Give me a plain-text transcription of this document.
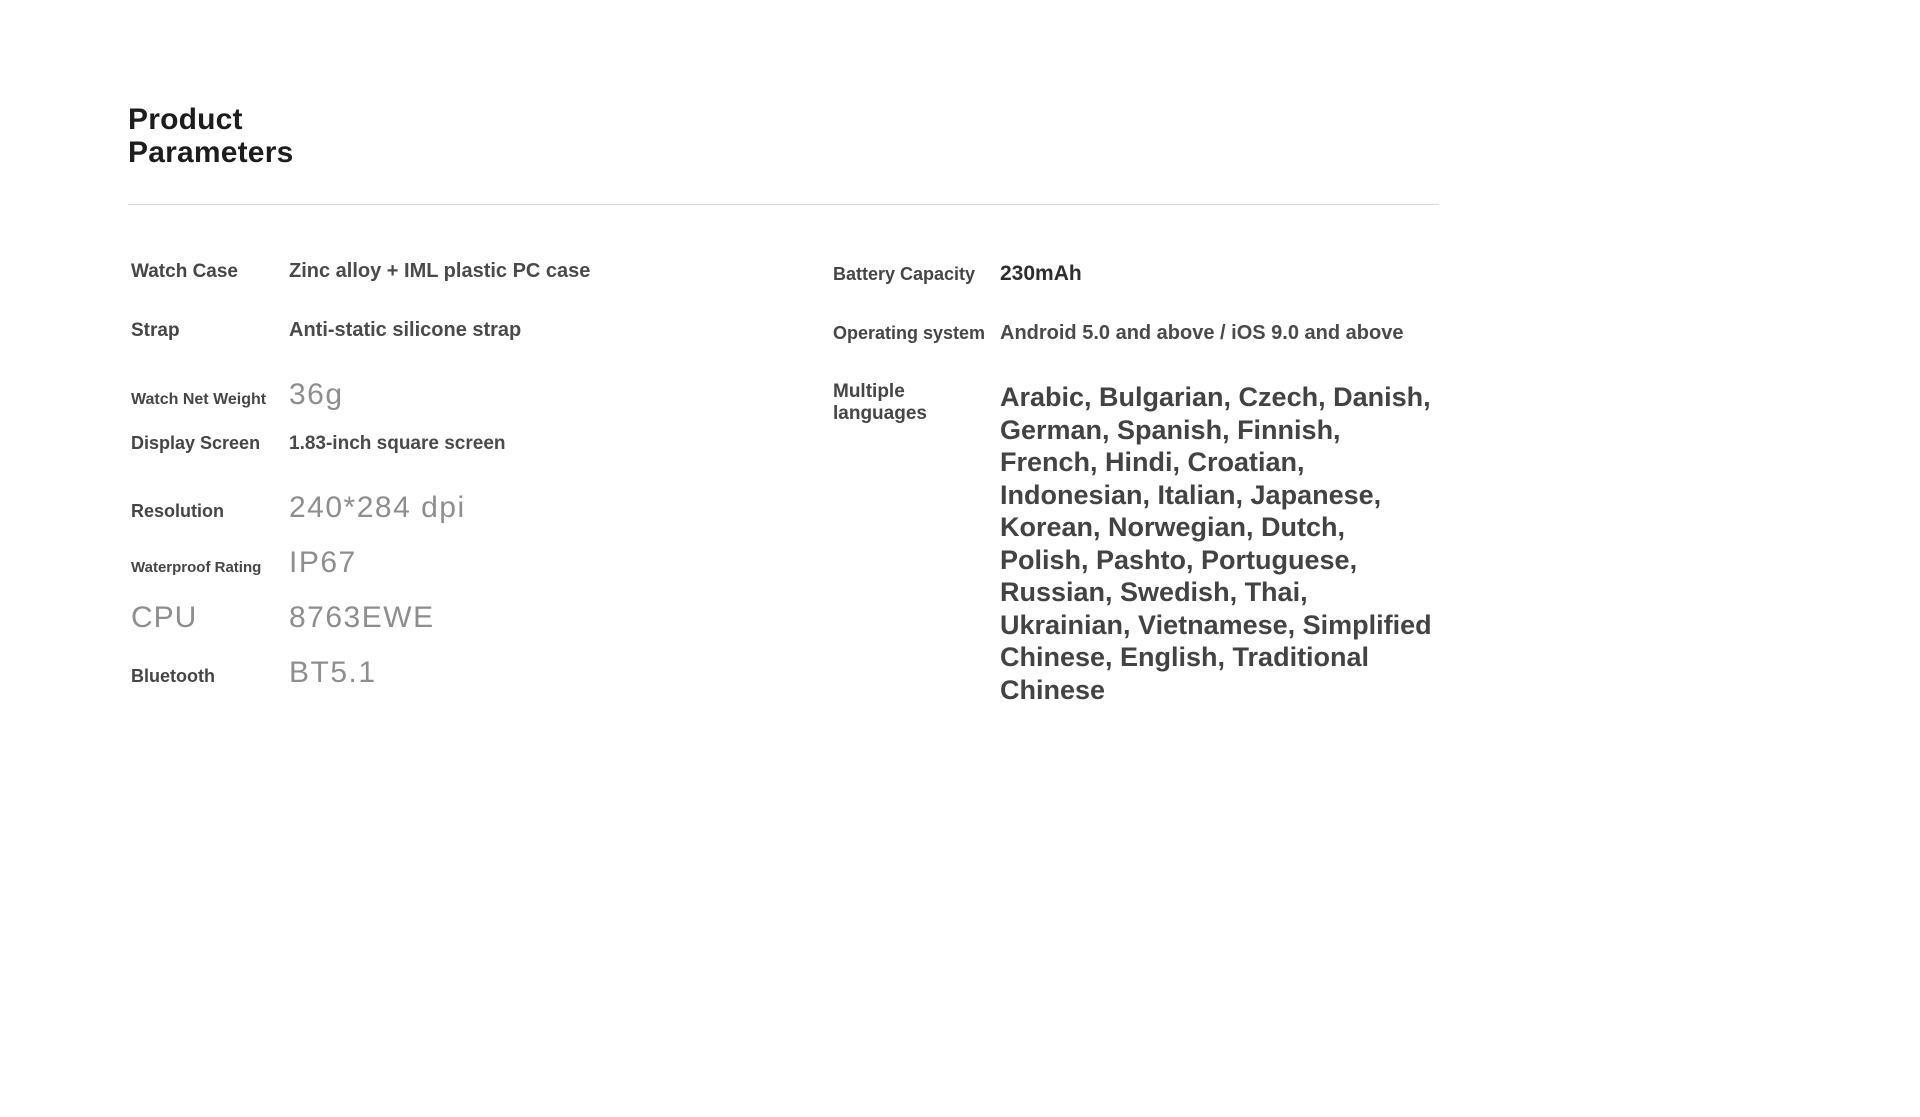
Product Parameters
Watch Case	Zinc alloy + IML plastic PC case
Strap	Anti-static silicone strap
Watch Net Weight 36g
Display Screen	1.83-inch square screen
Resolution	240*284 dpi
Waterproof Rating IP67
CPU	8763EWE
Bluetooth	BT5.1
Battery Capacity	230mAh
Operating system Android 5.0 and above / iOS 9.0 and above
Multiple languages
Arabic, Bulgarian, Czech, Danish, German, Spanish, Finnish, French, Hindi, Croatian, Indonesian, Italian, Japanese, Korean, Norwegian, Dutch, Polish, Pashto, Portuguese, Russian, Swedish, Thai, Ukrainian, Vietnamese, Simplified Chinese, English, Traditional Chinese
